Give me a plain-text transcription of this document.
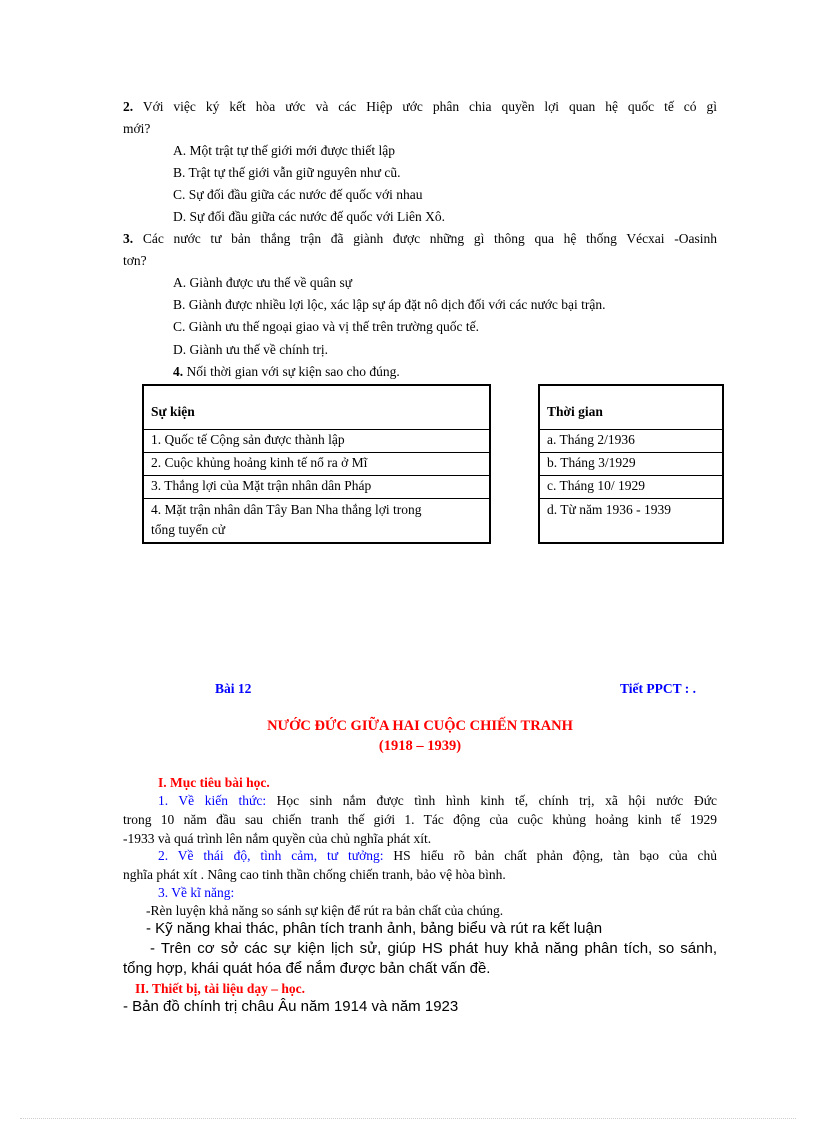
2. Với việc ký kết hòa ước và các Hiệp ước phân chia quyền lợi quan hệ quốc tế có gì
mới?
A. Một trật tự thế giới mới được thiết lập
B. Trật tự thế giới vẫn giữ nguyên như cũ.
C. Sự đối đầu giữa các nước đế quốc với nhau
D. Sự đối đầu giữa các nước đế quốc với Liên Xô.
3. Các nước tư bản thắng trận đã giành được những gì thông qua hệ thống Vécxai -Oasinh
tơn?
A. Giành được ưu thế về quân sự
B. Giành được nhiều lợi lộc, xác lập sự áp đặt nô dịch đối với các nước bại trận.
C. Giành ưu thế ngoại giao và vị thế trên trường quốc tế.
D. Giành ưu thế về chính trị.
4. Nối thời gian với sự kiện sao cho đúng.
Sự kiện
1. Quốc tế Cộng sản được thành lập
2. Cuộc khủng hoảng kinh tế nổ ra ở Mĩ
3. Thắng lợi của Mặt trận nhân dân Pháp
4. Mặt trận nhân dân Tây Ban Nha thắng lợi trong
tổng tuyển cử
Thời gian
a. Tháng 2/1936
b. Tháng 3/1929
c. Tháng 10/ 1929
d. Từ năm 1936 - 1939
Bài 12	Tiết PPCT : .
NƯỚC ĐỨC GIỮA HAI CUỘC CHIẾN TRANH
(1918 – 1939)
I. Mục tiêu bài học.
1. Về kiến thức: Học sinh nắm được tình hình kinh tế, chính trị, xã hội nước Đức
trong 10 năm đầu sau chiến tranh thế giới 1. Tác động của cuộc khủng hoảng kinh tế 1929
-1933 và quá trình lên nắm quyền của chủ nghĩa phát xít.
2. Về thái độ, tình cảm, tư tưởng: HS hiểu rõ bản chất phản động, tàn bạo của chủ
nghĩa phát xít . Nâng cao tinh thần chống chiến tranh, bảo vệ hòa bình.
3. Về kĩ năng:
-Rèn luyện khả năng so sánh sự kiện để rút ra bản chất của chúng.
- Kỹ năng khai thác, phân tích tranh ảnh, bảng biểu và rút ra kết luận
- Trên cơ sở các sự kiện lịch sử, giúp HS phát huy khả năng phân tích, so sánh,
tổng hợp, khái quát hóa để nắm được bản chất vấn đề.
II. Thiết bị, tài liệu dạy – học.
- Bản đồ chính trị châu Âu năm 1914 và năm 1923
